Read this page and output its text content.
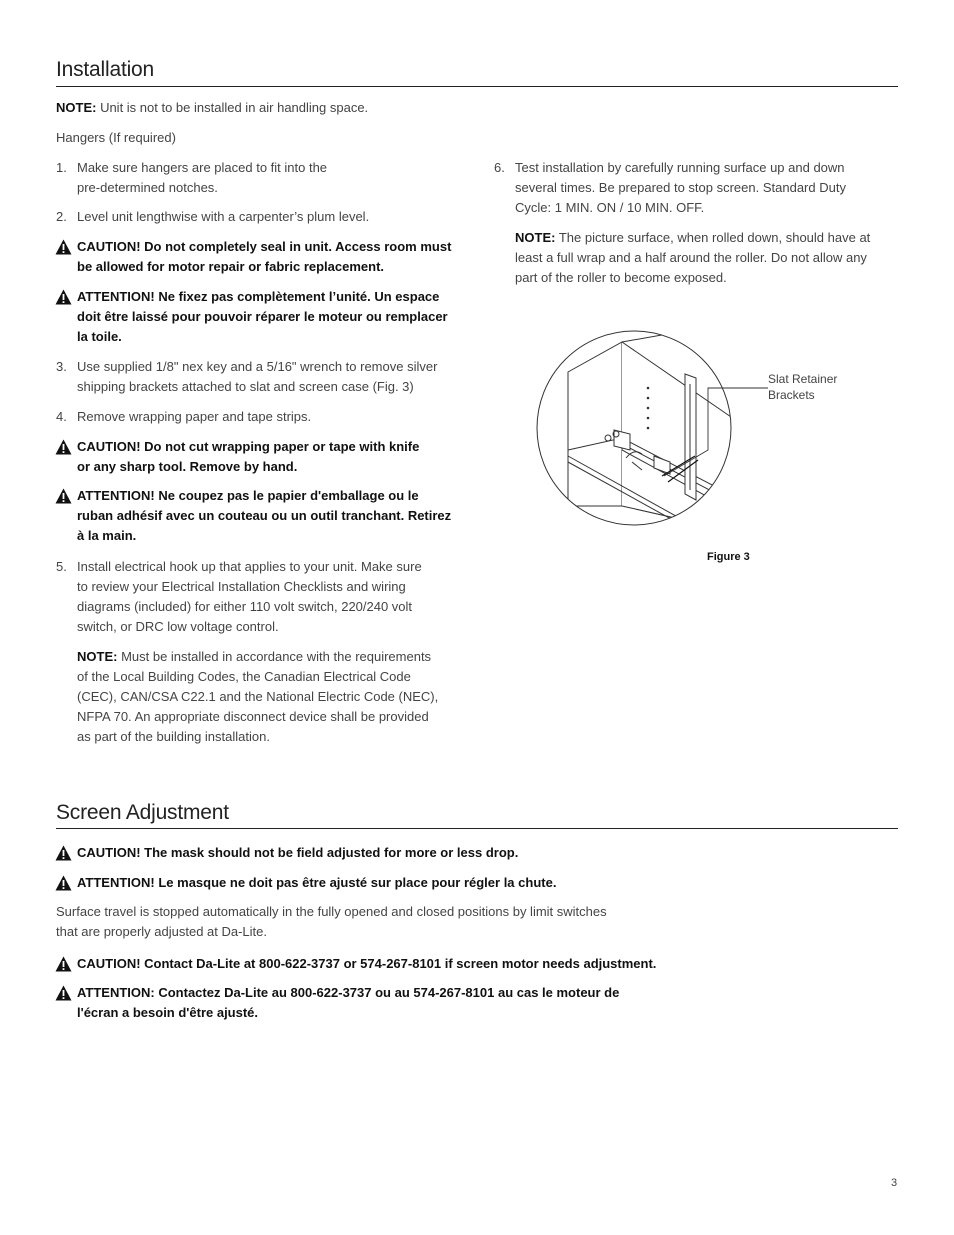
Installation
NOTE: Unit is not to be installed in air handling space.
Hangers (If required)
1. Make sure hangers are placed to fit into the
pre-determined notches.
2. Level unit lengthwise with a carpenter’s plum level.
CAUTION! Do not completely seal in unit. Access room must
be allowed for motor repair or fabric replacement.
ATTENTION! Ne fixez pas complètement l’unité. Un espace
doit être laissé pour pouvoir réparer le moteur ou remplacer
la toile.
3. Use supplied 1/8" nex key and a 5/16" wrench to remove silver
shipping brackets attached to slat and screen case (Fig. 3)
4. Remove wrapping paper and tape strips.
CAUTION! Do not cut wrapping paper or tape with knife
or any sharp tool. Remove by hand.
ATTENTION! Ne coupez pas le papier d'emballage ou le
ruban adhésif avec un couteau ou un outil tranchant. Retirez
à la main.
5. Install electrical hook up that applies to your unit. Make sure
to review your Electrical Installation Checklists and wiring
diagrams (included) for either 110 volt switch, 220/240 volt
switch, or DRC low voltage control.
NOTE: Must be installed in accordance with the requirements
of the Local Building Codes, the Canadian Electrical Code
(CEC), CAN/CSA C22.1 and the National Electric Code (NEC),
NFPA 70. An appropriate disconnect device shall be provided
as part of the building installation.
6. Test installation by carefully running surface up and down
several times. Be prepared to stop screen. Standard Duty
Cycle: 1 MIN. ON / 10 MIN. OFF.
NOTE: The picture surface, when rolled down, should have at
least a full wrap and a half around the roller. Do not allow any
part of the roller to become exposed.
Slat Retainer
Brackets
Figure 3
Screen Adjustment
CAUTION! The mask should not be field adjusted for more or less drop.
ATTENTION! Le masque ne doit pas être ajusté sur place pour régler la chute.
Surface travel is stopped automatically in the fully opened and closed positions by limit switches
that are properly adjusted at Da-Lite.
CAUTION! Contact Da-Lite at 800-622-3737 or 574-267-8101 if screen motor needs adjustment.
ATTENTION: Contactez Da-Lite au 800-622-3737 ou au 574-267-8101 au cas le moteur de
l'écran a besoin d'être ajusté.
3
